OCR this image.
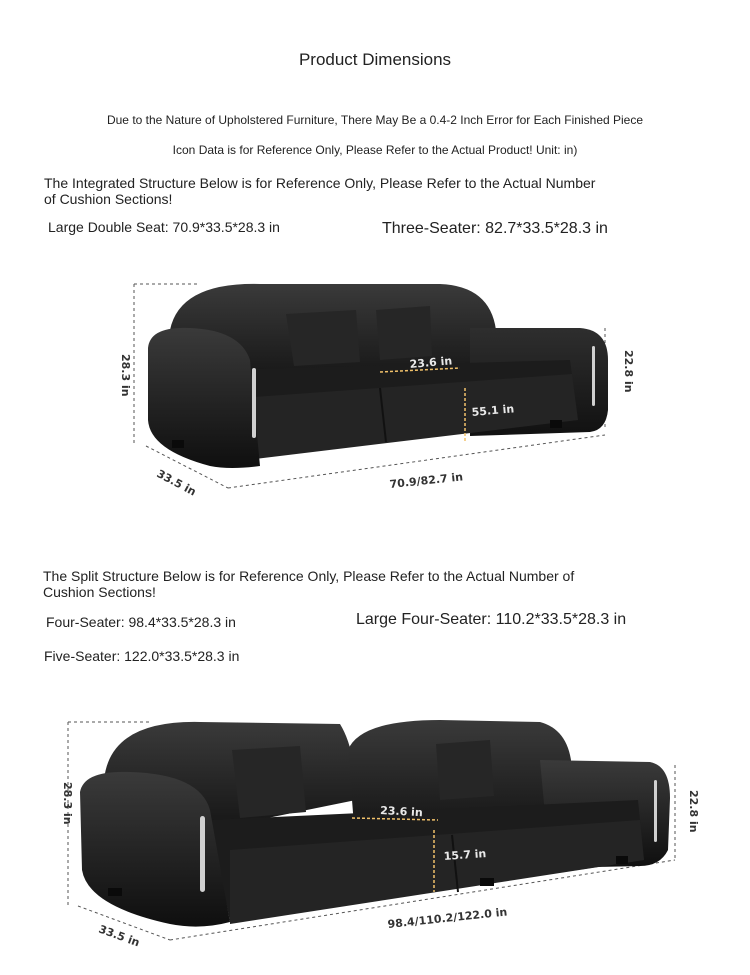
Product Dimensions
Due to the Nature of Upholstered Furniture, There May Be a 0.4-2 Inch Error for Each Finished Piece
Icon Data is for Reference Only, Please Refer to the Actual Product! Unit: in)
The Integrated Structure Below is for Reference Only, Please Refer to the Actual Number of Cushion Sections!
Large Double Seat: 70.9*33.5*28.3 in	Three-Seater: 82.7*33.5*28.3 in
28.3 in	22.8 in
23.6 in
55.1 in
33.5 in	70.9/82.7 in
The Split Structure Below is for Reference Only, Please Refer to the Actual Number of Cushion Sections!
Four-Seater: 98.4*33.5*28.3 in	Large Four-Seater: 110.2*33.5*28.3 in
Five-Seater: 122.0*33.5*28.3 in
28.3 in	22.8 in
23.6 in
15.7 in
33.5 in
98.4/110.2/122.0 in
